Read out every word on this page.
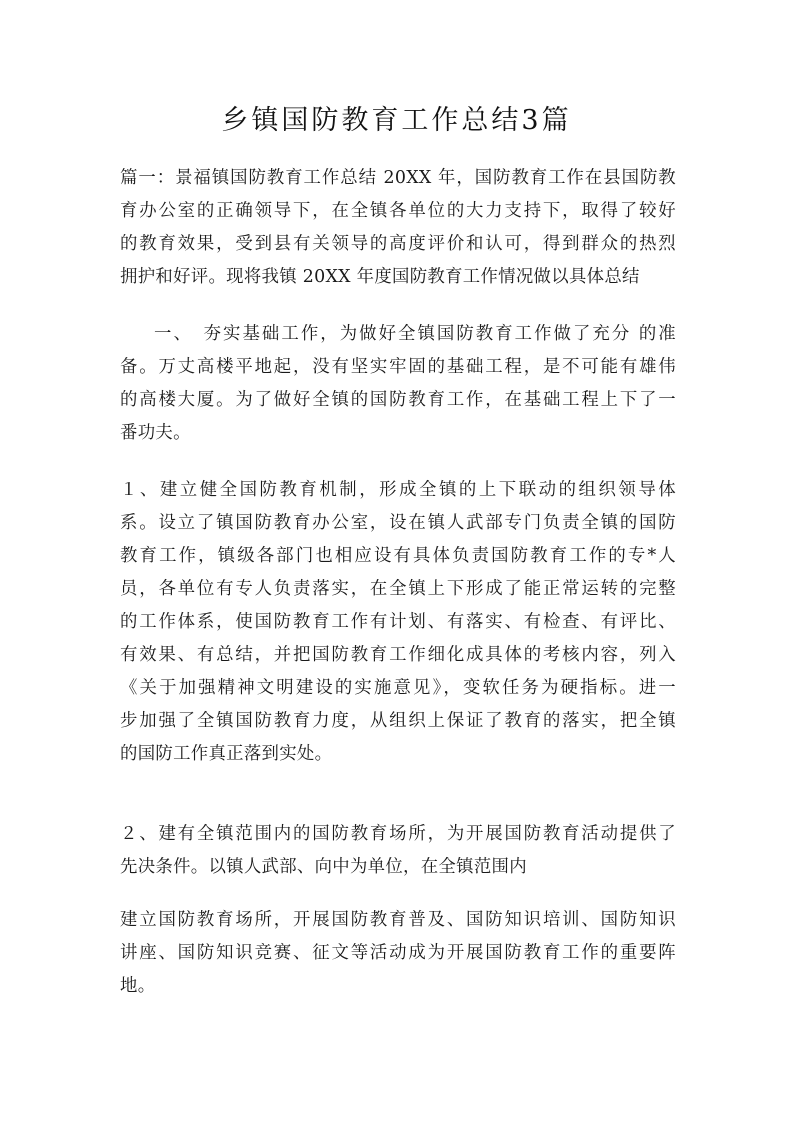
乡镇国防教育工作总结3篇
篇一：景福镇国防教育工作总结 20XX 年，国防教育工作在县国防教
育办公室的正确领导下，在全镇各单位的大力支持下，取得了较好
的教育效果，受到县有关领导的高度评价和认可，得到群众的热烈
拥护和好评。现将我镇 20XX 年度国防教育工作情况做以具体总结
一、　夯实基础工作，为做好全镇国防教育工作做了充分 的准
备。万丈高楼平地起，没有坚实牢固的基础工程，是不可能有雄伟
的高楼大厦。为了做好全镇的国防教育工作，在基础工程上下了一
番功夫。
１、建立健全国防教育机制，形成全镇的上下联动的组织领导体
系。设立了镇国防教育办公室，设在镇人武部专门负责全镇的国防
教育工作，镇级各部门也相应设有具体负责国防教育工作的专*人
员，各单位有专人负责落实，在全镇上下形成了能正常运转的完整
的工作体系，使国防教育工作有计划、有落实、有检查、有评比、
有效果、有总结，并把国防教育工作细化成具体的考核内容，列入
《关于加强精神文明建设的实施意见》，变软任务为硬指标。进一
步加强了全镇国防教育力度，从组织上保证了教育的落实，把全镇
的国防工作真正落到实处。
２、建有全镇范围内的国防教育场所，为开展国防教育活动提供了
先决条件。以镇人武部、向中为单位，在全镇范围内
建立国防教育场所，开展国防教育普及、国防知识培训、国防知识
讲座、国防知识竞赛、征文等活动成为开展国防教育工作的重要阵
地。
